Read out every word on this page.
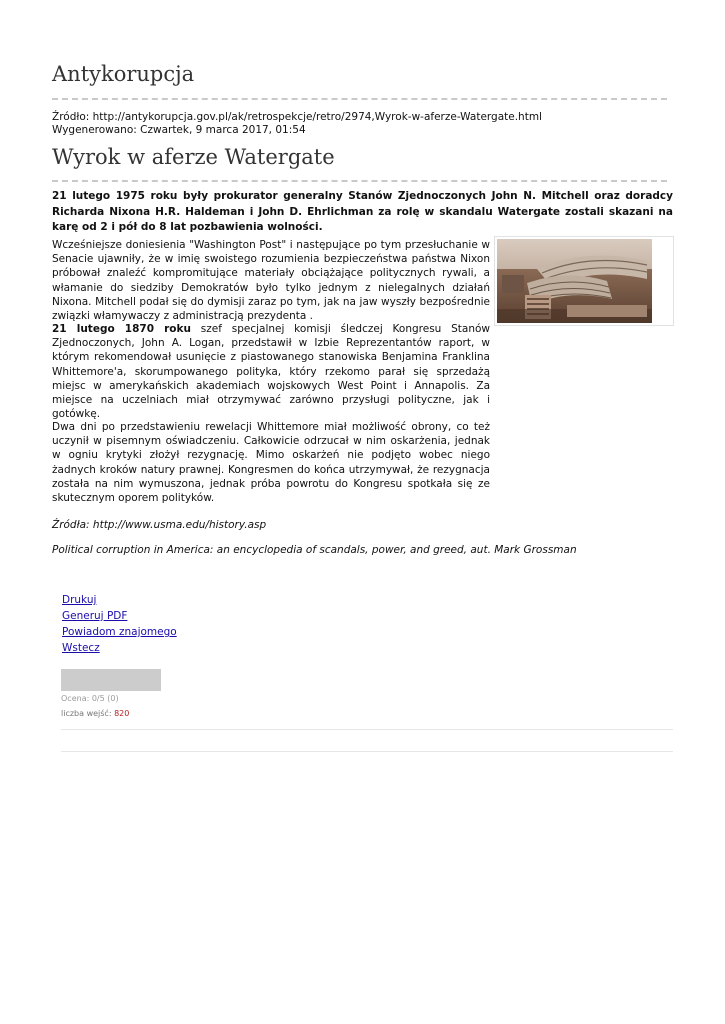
Antykorupcja
Źródło: http://antykorupcja.gov.pl/ak/retrospekcje/retro/2974,Wyrok-w-aferze-Watergate.html
Wygenerowano: Czwartek, 9 marca 2017, 01:54
Wyrok w aferze Watergate

21 lutego 1975 roku były prokurator generalny Stanów Zjednoczonych John N. Mitchell oraz doradcy Richarda Nixona H.R. Haldeman i John D. Ehrlichman za rolę w skandalu Watergate zostali skazani na karę od 2 i pół do 8 lat pozbawienia wolności.

Wcześniejsze doniesienia "Washington Post" i następujące po tym przesłuchanie w Senacie ujawniły, że w imię swoistego rozumienia bezpieczeństwa państwa Nixon próbował znaleźć kompromitujące materiały obciążające politycznych rywali, a włamanie do siedziby Demokratów było tylko jednym z nielegalnych działań Nixona. Mitchell podał się do dymisji zaraz po tym, jak na jaw wyszły bezpośrednie związki włamywaczy z administracją prezydenta .

21 lutego 1870 roku szef specjalnej komisji śledczej Kongresu Stanów Zjednoczonych, John A. Logan, przedstawił w Izbie Reprezentantów raport, w którym rekomendował usunięcie z piastowanego stanowiska Benjamina Franklina Whittemore'a, skorumpowanego polityka, który rzekomo parał się sprzedażą miejsc w amerykańskich akademiach wojskowych West Point i Annapolis. Za miejsce na uczelniach miał otrzymywać zarówno przysługi polityczne, jak i gotówkę.

Dwa dni po przedstawieniu rewelacji Whittemore miał możliwość obrony, co też uczynił w pisemnym oświadczeniu. Całkowicie odrzucał w nim oskarżenia, jednak w ogniu krytyki złożył rezygnację. Mimo oskarżeń nie podjęto wobec niego żadnych kroków natury prawnej. Kongresmen do końca utrzymywał, że rezygnacja została na nim wymuszona, jednak próba powrotu do Kongresu spotkała się ze skutecznym oporem polityków.

Źródła: http://www.usma.edu/history.asp

Political corruption in America: an encyclopedia of scandals, power, and greed, aut. Mark Grossman

Drukuj
Generuj PDF
Powiadom znajomego
Wstecz
Ocena: 0/5 (0)
liczba wejść: 820
